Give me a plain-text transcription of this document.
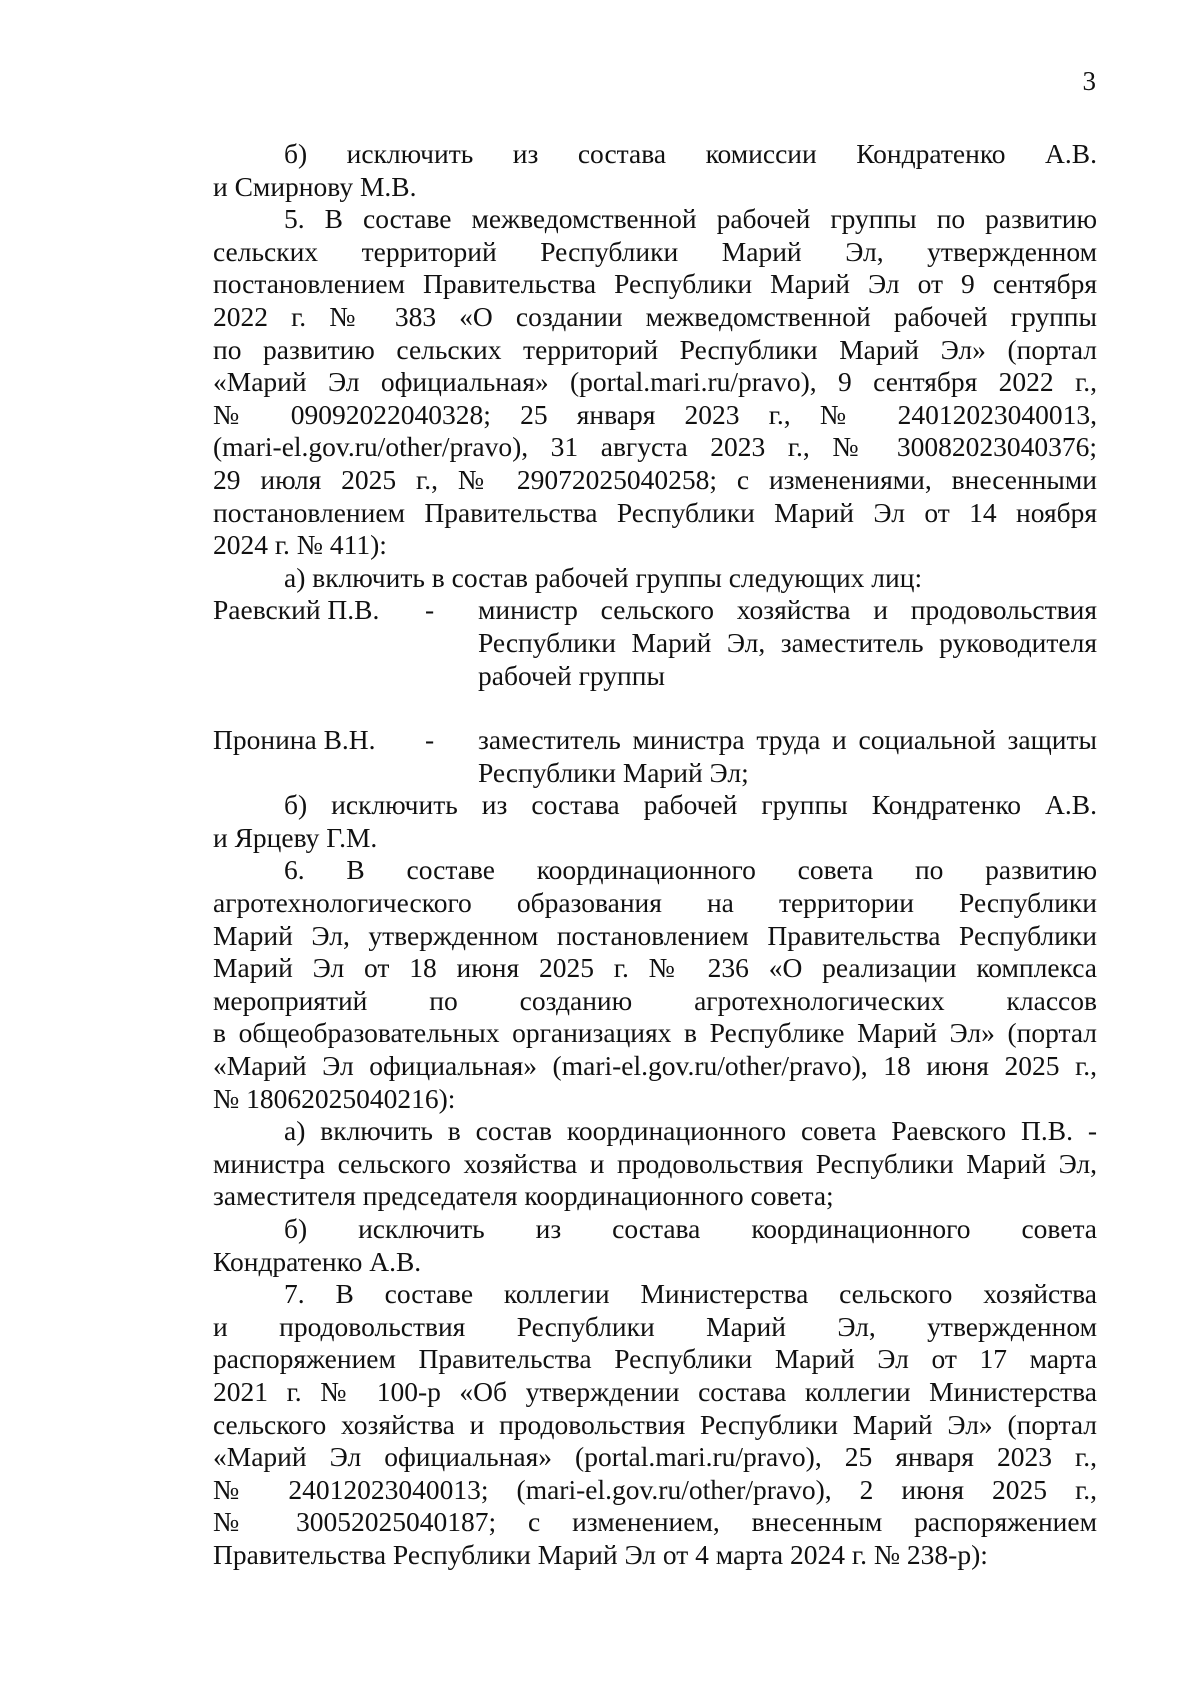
3

б) исключить из состава комиссии Кондратенко А.В.
и Смирнову М.В.

5. В составе межведомственной рабочей группы по развитию
сельских территорий Республики Марий Эл, утвержденном
постановлением Правительства Республики Марий Эл от 9 сентября
2022 г. № 383 «О создании межведомственной рабочей группы
по развитию сельских территорий Республики Марий Эл» (портал
«Марий Эл официальная» (portal.mari.ru/pravo), 9 сентября 2022 г.,
№ 09092022040328; 25 января 2023 г., № 24012023040013,
(mari-el.gov.ru/other/pravo), 31 августа 2023 г., № 30082023040376;
29 июля 2025 г., № 29072025040258; с изменениями, внесенными
постановлением Правительства Республики Марий Эл от 14 ноября
2024 г. № 411):

а) включить в состав рабочей группы следующих лиц:

Раевский П.В.	-	министр сельского хозяйства и продовольствия
Республики Марий Эл, заместитель руководителя
рабочей группы
Пронина В.Н.	-	заместитель министра труда и социальной защиты
Республики Марий Эл;

б) исключить из состава рабочей группы Кондратенко А.В.
и Ярцеву Г.М.

6. В составе координационного совета по развитию
агротехнологического образования на территории Республики
Марий Эл, утвержденном постановлением Правительства Республики
Марий Эл от 18 июня 2025 г. № 236 «О реализации комплекса
мероприятий по созданию агротехнологических классов
в общеобразовательных организациях в Республике Марий Эл» (портал
«Марий Эл официальная» (mari-el.gov.ru/other/pravo), 18 июня 2025 г.,
№ 18062025040216):

а) включить в состав координационного совета Раевского П.В. -
министра сельского хозяйства и продовольствия Республики Марий Эл,
заместителя председателя координационного совета;

б) исключить из состава координационного совета
Кондратенко А.В.

7. В составе коллегии Министерства сельского хозяйства
и продовольствия Республики Марий Эл, утвержденном
распоряжением Правительства Республики Марий Эл от 17 марта
2021 г. № 100-р «Об утверждении состава коллегии Министерства
сельского хозяйства и продовольствия Республики Марий Эл» (портал
«Марий Эл официальная» (portal.mari.ru/pravo), 25 января 2023 г.,
№ 24012023040013; (mari-el.gov.ru/other/pravo), 2 июня 2025 г.,
№ 30052025040187; с изменением, внесенным распоряжением
Правительства Республики Марий Эл от 4 марта 2024 г. № 238-р):
